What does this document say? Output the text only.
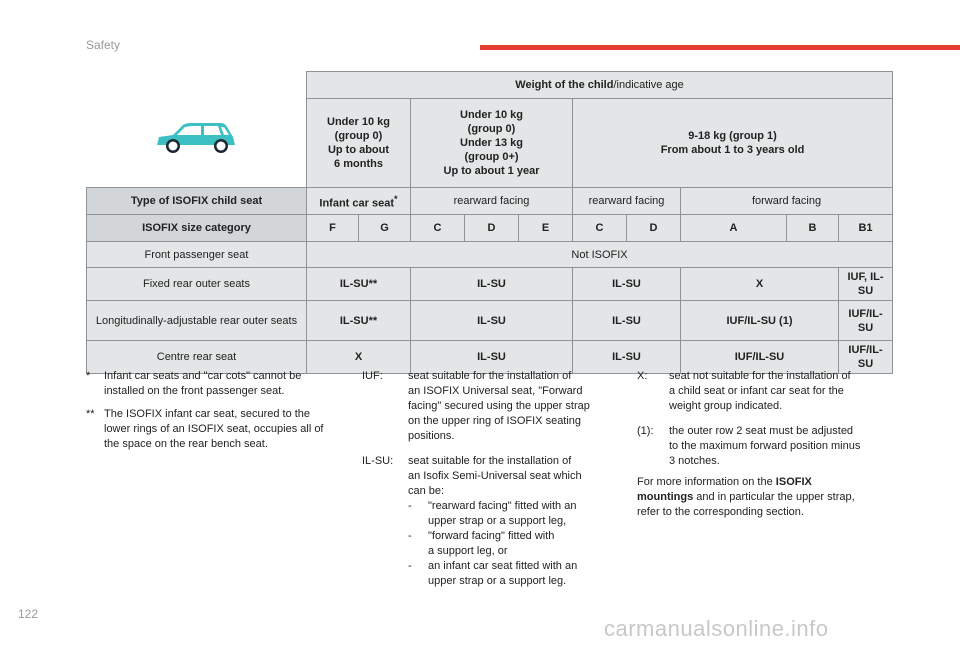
Safety
	Weight of the child/indicative age									
	Under 10 kg
(group 0)
Up to about
6 months		Under 10 kg
(group 0)
Under 13 kg
(group 0+)
Up to about 1 year			9-18 kg (group 1)
From about 1 to 3 years old				
Type of ISOFIX child seat	Infant car seat*		rearward facing			rearward facing		forward facing		
ISOFIX size category	F	G	C	D	E	C	D	A	B	B1
Front passenger seat	Not ISOFIX									
Fixed rear outer seats	IL-SU**		IL-SU			IL-SU		X		IUF, IL-SU
Longitudinally-adjustable rear outer seats	IL-SU**		IL-SU			IL-SU		IUF/IL-SU (1)		IUF/IL-SU
Centre rear seat	X		IL-SU			IL-SU		IUF/IL-SU		IUF/IL-SU
* Infant car seats and "car cots" cannot be installed on the front passenger seat.

** The ISOFIX infant car seat, secured to the lower rings of an ISOFIX seat, occupies all of the space on the rear bench seat.

IUF: seat suitable for the installation of

an ISOFIX Universal seat, "Forward

facing" secured using the upper strap

on the upper ring of ISOFIX seating

positions.

IL-SU: seat suitable for the installation of

an Isofix Semi-Universal seat which

can be:

- "rearward facing" fitted with an

upper strap or a support leg,

- "forward facing" fitted with

a support leg, or

- an infant car seat fitted with an

upper strap or a support leg.

X: seat not suitable for the installation of

a child seat or infant car seat for the

weight group indicated.

(1): the outer row 2 seat must be adjusted

to the maximum forward position minus

3 notches.

For more information on the ISOFIX

mountings and in particular the upper strap,

refer to the corresponding section.

122
carmanualsonline.info
